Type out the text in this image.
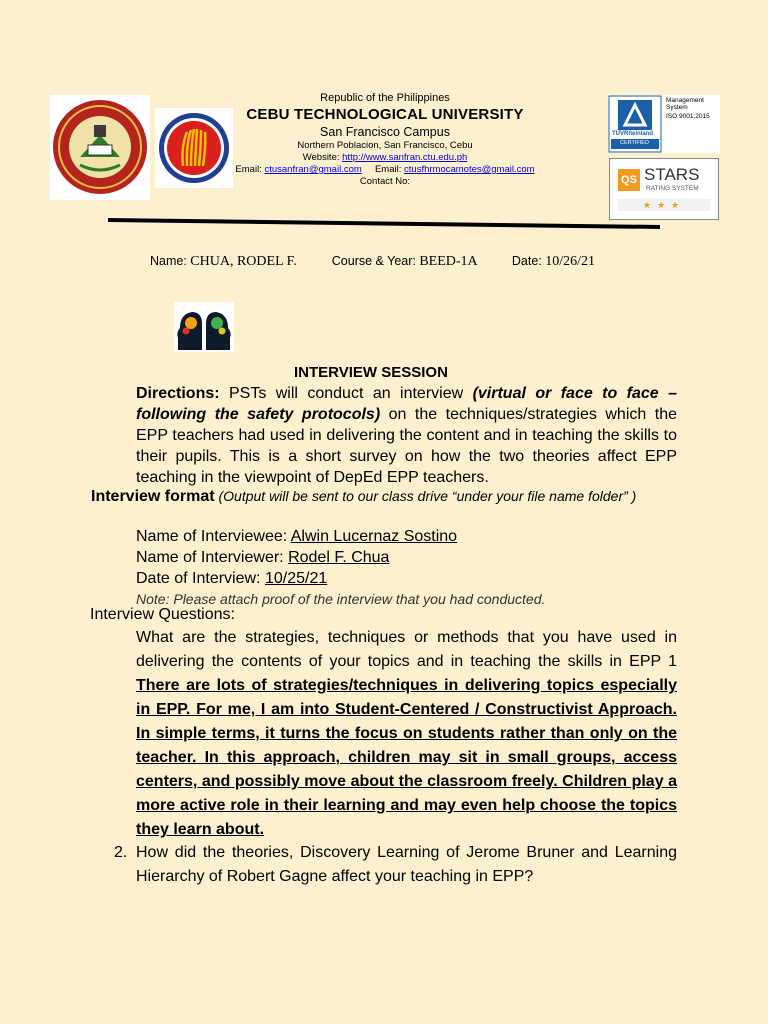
Republic of the Philippines
CEBU TECHNOLOGICAL UNIVERSITY
San Francisco Campus
Northern Poblacion, San Francisco, Cebu
Website: http://www.sanfran.ctu.edu.ph
Email: ctusanfran@gmail.com Email: ctusfhrmocamotes@gmail.com
Contact No:
TÜVRheinland
CERTIFIED
Management System
ISO 9001:2015
QS STARS
RATING SYSTEM
★★★
Name: CHUA, RODEL F.	Course & Year: BEED-1A	Date: 10/26/21
INTERVIEW SESSION
Directions: PSTs will conduct an interview (virtual or face to face – following the safety protocols) on the techniques/strategies which the EPP teachers had used in delivering the content and in teaching the skills to their pupils. This is a short survey on how the two theories affect EPP teaching in the viewpoint of DepEd EPP teachers.
Interview format (Output will be sent to our class drive “under your file name folder” )
Name of Interviewee: Alwin Lucernaz Sostino
Name of Interviewer: Rodel F. Chua
Date of Interview: 10/25/21
Note: Please attach proof of the interview that you had conducted.
Interview Questions:
1. What are the strategies, techniques or methods that you have used in delivering the contents of your topics and in teaching the skills in EPP 1 There are lots of strategies/techniques in delivering topics especially in EPP. For me, I am into Student-Centered / Constructivist Approach. In simple terms, it turns the focus on students rather than only on the teacher. In this approach, children may sit in small groups, access centers, and possibly move about the classroom freely. Children play a more active role in their learning and may even help choose the topics they learn about.
2. How did the theories, Discovery Learning of Jerome Bruner and Learning Hierarchy of Robert Gagne affect your teaching in EPP?
